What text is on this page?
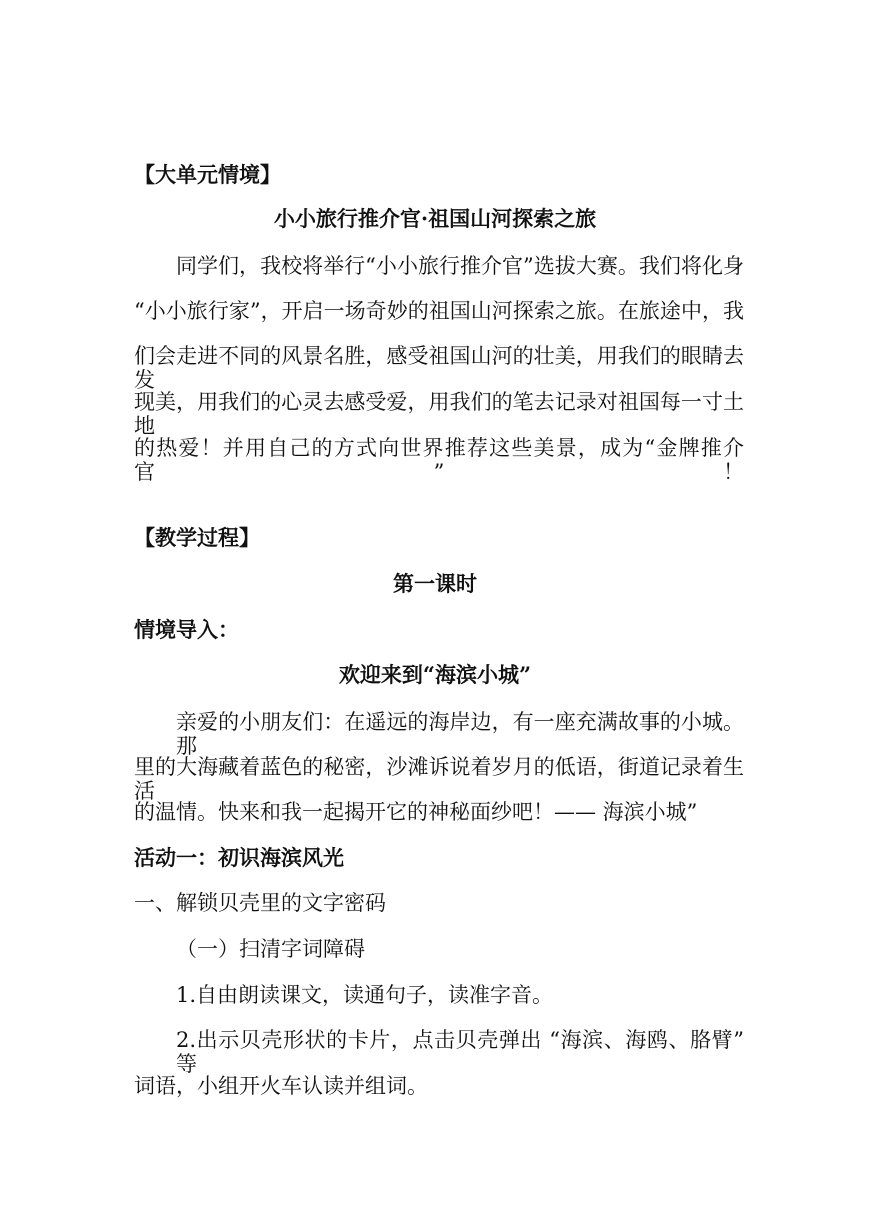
【大单元情境】
小小旅行推介官·祖国山河探索之旅
同学们，我校将举行“小小旅行推介官”选拔大赛。我们将化身
“小小旅行家”，开启一场奇妙的祖国山河探索之旅。在旅途中，我
们会走进不同的风景名胜，感受祖国山河的壮美，用我们的眼睛去发
现美，用我们的心灵去感受爱，用我们的笔去记录对祖国每一寸土地
的热爱！并用自己的方式向世界推荐这些美景，成为“金牌推介官”！
【教学过程】
第一课时
情境导入：
欢迎来到“海滨小城”
亲爱的小朋友们：在遥远的海岸边，有一座充满故事的小城。那
里的大海藏着蓝色的秘密，沙滩诉说着岁月的低语，街道记录着生活
的温情。快来和我一起揭开它的神秘面纱吧！—— 海滨小城”
活动一：初识海滨风光
一、解锁贝壳里的文字密码
（一）扫清字词障碍
1.自由朗读课文，读通句子，读准字音。
2.出示贝壳形状的卡片，点击贝壳弹出 “海滨、海鸥、胳臂” 等
词语，小组开火车认读并组词。
